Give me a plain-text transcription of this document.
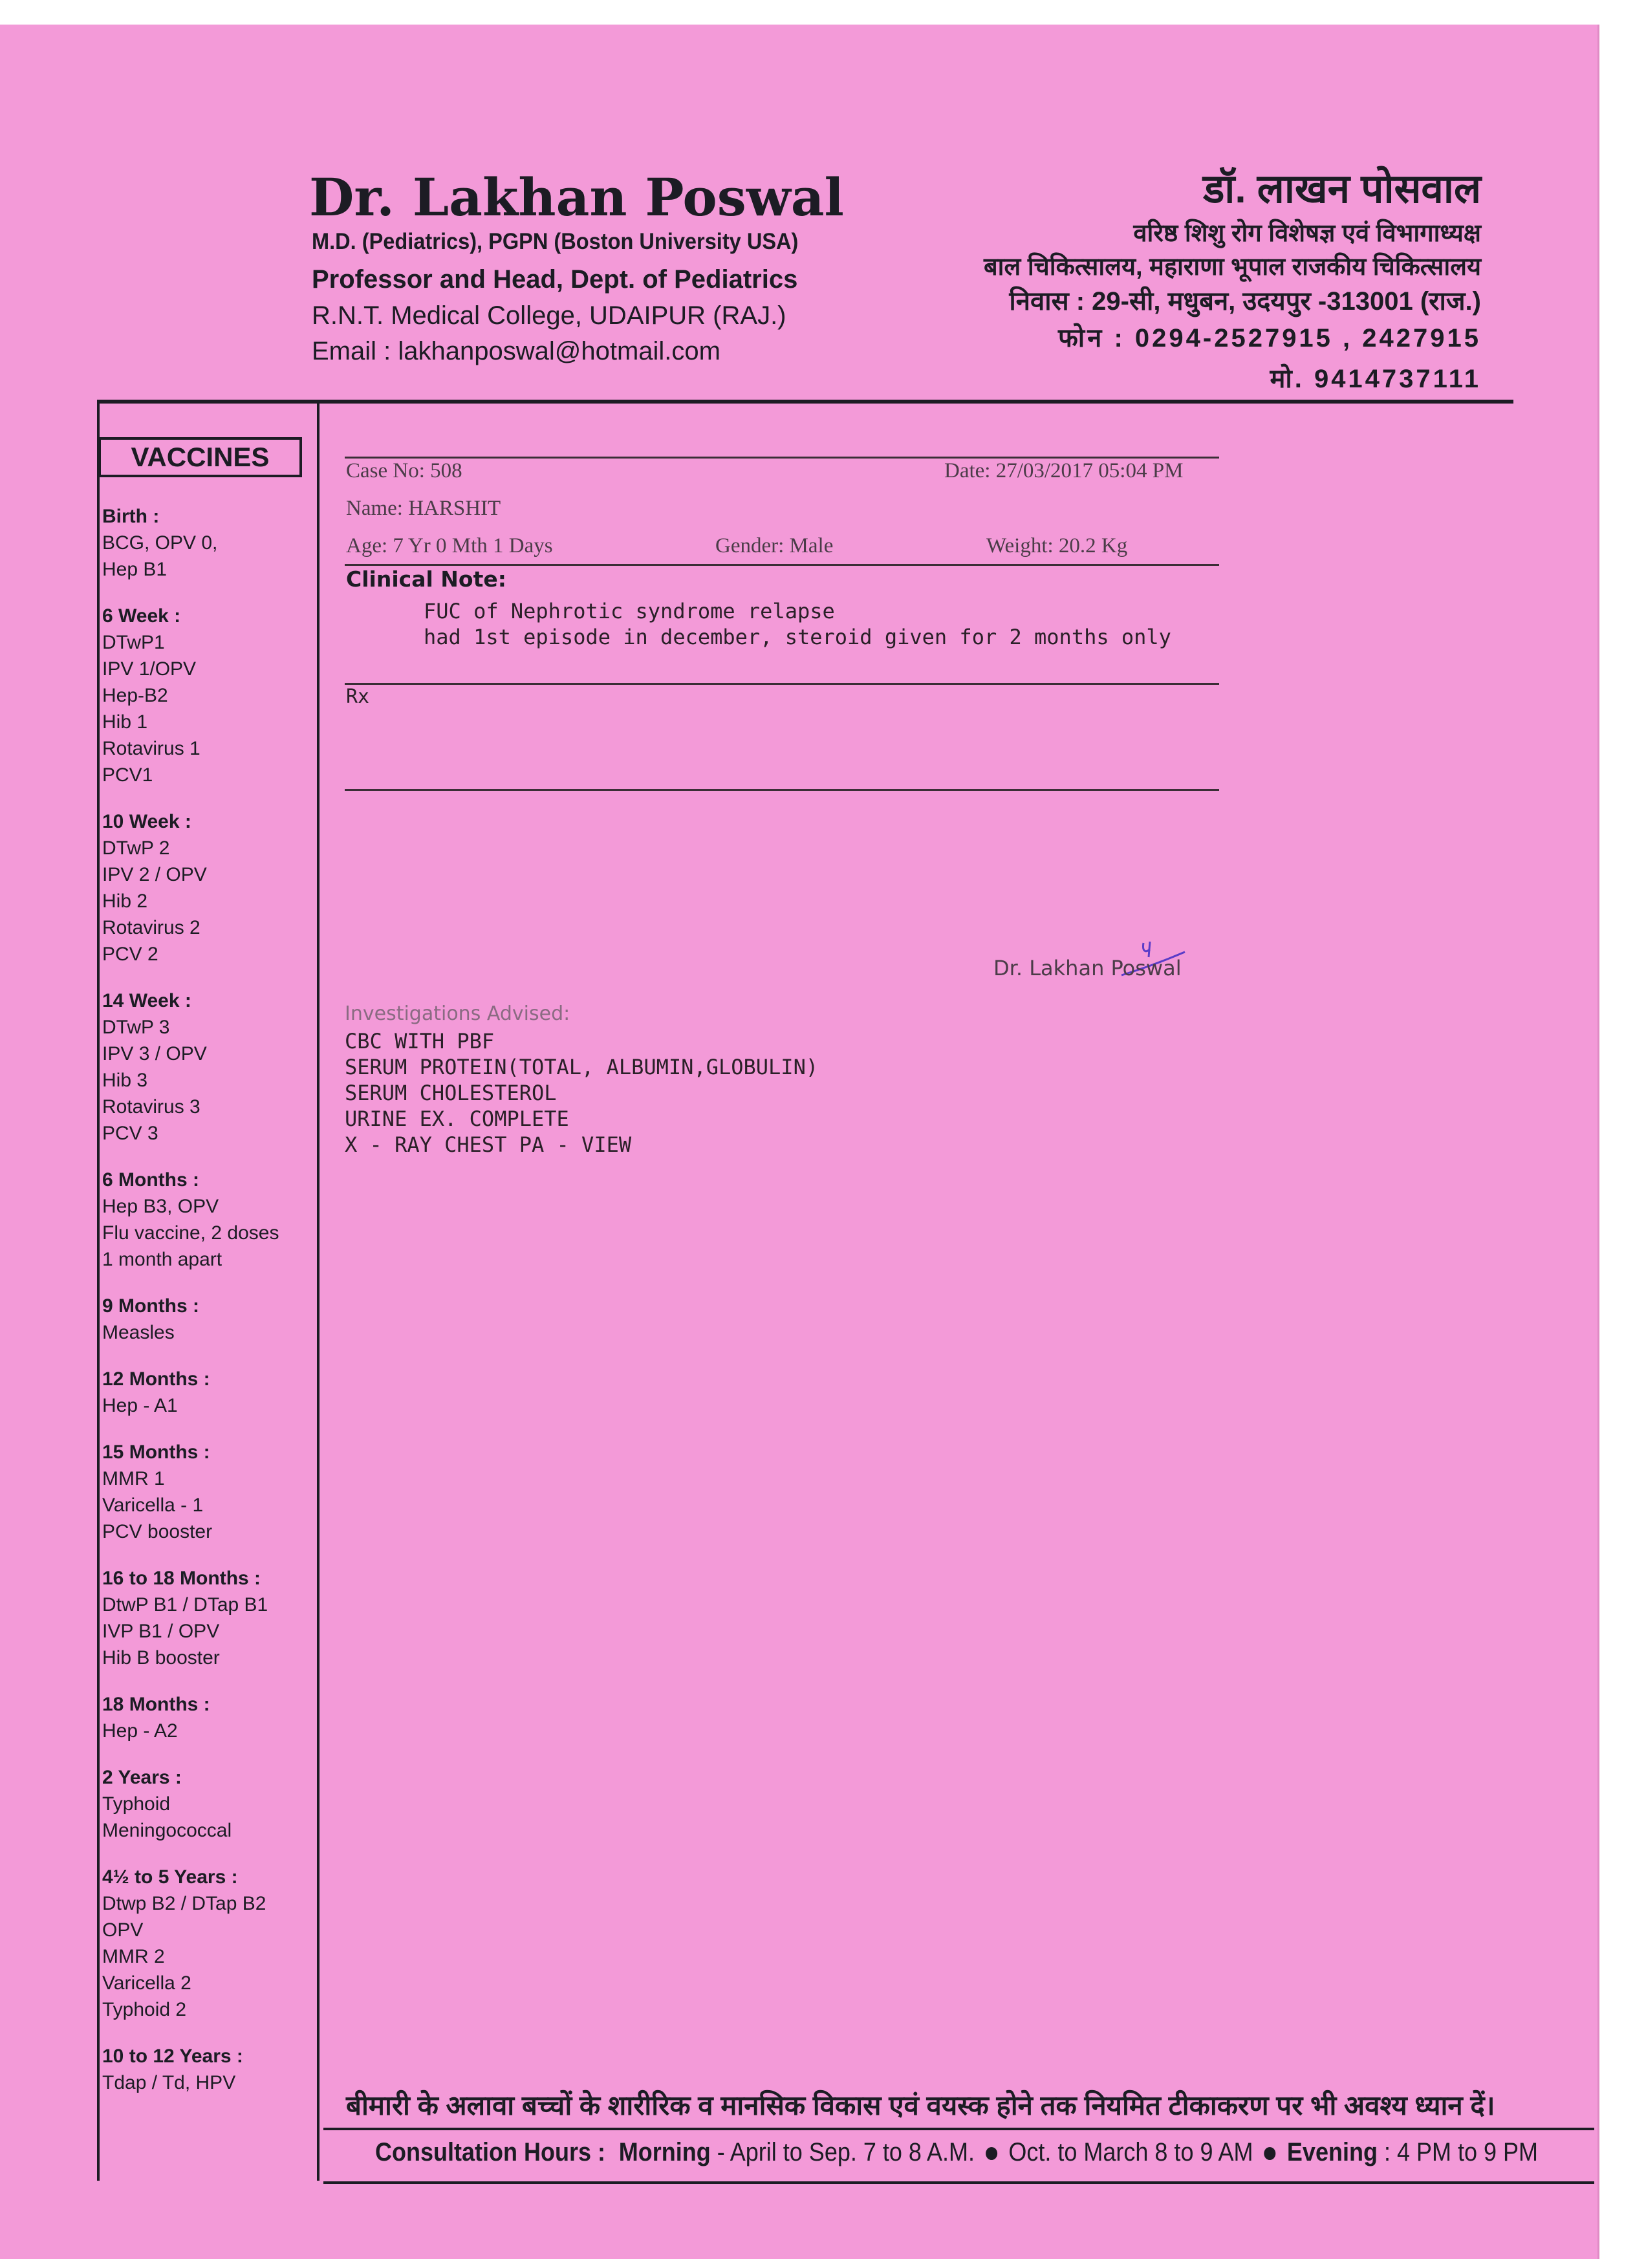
Dr. Lakhan Poswal
M.D. (Pediatrics), PGPN (Boston University USA)
Professor and Head, Dept. of Pediatrics
R.N.T. Medical College, UDAIPUR (RAJ.)
Email : lakhanposwal@hotmail.com
डॉ. लाखन पोसवाल
वरिष्ठ शिशु रोग विशेषज्ञ एवं विभागाध्यक्ष
बाल चिकित्सालय, महाराणा भूपाल राजकीय चिकित्सालय
निवास : 29-सी, मधुबन, उदयपुर -313001 (राज.)
फोन : 0294-2527915 , 2427915
मो. 9414737111
VACCINES
Birth :
BCG, OPV 0,
Hep B1
6 Week :
DTwP1
IPV 1/OPV
Hep-B2
Hib 1
Rotavirus 1
PCV1
10 Week :
DTwP 2
IPV 2 / OPV
Hib 2
Rotavirus 2
PCV 2
14 Week :
DTwP 3
IPV 3 / OPV
Hib 3
Rotavirus 3
PCV 3
6 Months :
Hep B3, OPV
Flu vaccine, 2 doses
1 month apart
9 Months :
Measles
12 Months :
Hep - A1
15 Months :
MMR 1
Varicella - 1
PCV booster
16 to 18 Months :
DtwP B1 / DTap B1
IVP B1 / OPV
Hib B booster
18 Months :
Hep - A2
2 Years :
Typhoid
Meningococcal
4½ to 5 Years :
Dtwp B2 / DTap B2
OPV
MMR 2
Varicella 2
Typhoid 2
10 to 12 Years :
Tdap / Td, HPV
Case No: 508	Date: 27/03/2017 05:04 PM
Name: HARSHIT
Age: 7 Yr 0 Mth 1 Days	Gender: Male	Weight: 20.2 Kg
Clinical Note:
FUC of Nephrotic syndrome relapse
had 1st episode in december, steroid given for 2 months only
Rx
Dr. Lakhan Poswal
Investigations Advised:
CBC WITH PBF
SERUM PROTEIN(TOTAL, ALBUMIN,GLOBULIN)
SERUM CHOLESTEROL
URINE EX. COMPLETE
X - RAY CHEST PA - VIEW
बीमारी के अलावा बच्चों के शारीरिक व मानसिक विकास एवं वयस्क होने तक नियमित टीकाकरण पर भी अवश्य ध्यान दें।
Consultation Hours : Morning - April to Sep. 7 to 8 A.M.  Oct. to March 8 to 9 AM  Evening : 4 PM to 9 PM
